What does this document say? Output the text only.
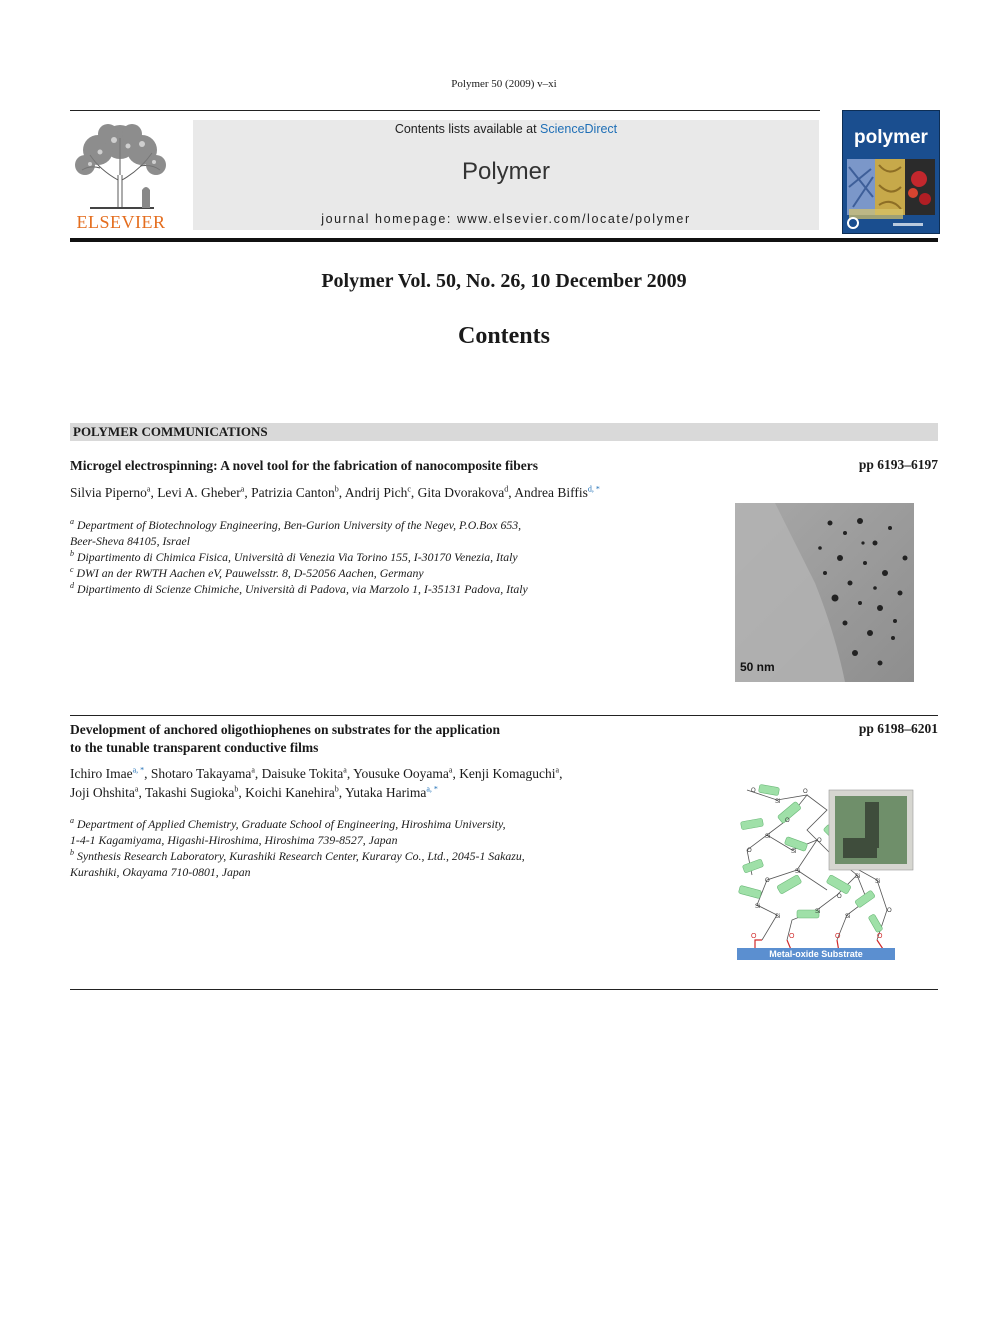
Polymer 50 (2009) v–xi
ELSEVIER
Contents lists available at ScienceDirect
Polymer
journal homepage: www.elsevier.com/locate/polymer
polymer
Polymer Vol. 50, No. 26, 10 December 2009
Contents
POLYMER COMMUNICATIONS
Microgel electrospinning: A novel tool for the fabrication of nanocomposite fibers	pp 6193–6197
Silvia Piperno$^a$, Levi A. Gheber$^a$, Patrizia Canton$^b$, Andrij Pich$^c$, Gita Dvorakova$^d$, Andrea Biffis$^{d, *}$
$^a$ Department of Biotechnology Engineering, Ben-Gurion University of the Negev, P.O.Box 653,
Beer-Sheva 84105, Israel
$^b$ Dipartimento di Chimica Fisica, Università di Venezia Via Torino 155, I-30170 Venezia, Italy
$^c$ DWI an der RWTH Aachen eV, Pauwelsstr. 8, D-52056 Aachen, Germany
$^d$ Dipartimento di Scienze Chimiche, Università di Padova, via Marzolo 1, I-35131 Padova, Italy
50 nm
Development of anchored oligothiophenes on substrates for the application
to the tunable transparent conductive films
pp 6198–6201
Ichiro Imae$^{a, *}$, Shotaro Takayama$^a$, Daisuke Tokita$^a$, Yousuke Ooyama$^a$, Kenji Komaguchi$^a$,
Joji Ohshita$^a$, Takashi Sugioka$^b$, Koichi Kanehira$^b$, Yutaka Harima$^{a, *}$
$^a$ Department of Applied Chemistry, Graduate School of Engineering, Hiroshima University,
1-4-1 Kagamiyama, Higashi-Hiroshima, Hiroshima 739-8527, Japan
$^b$ Synthesis Research Laboratory, Kurashiki Research Center, Kuraray Co., Ltd., 2045-1 Sakazu,
Kurashiki, Okayama 710-0801, Japan
Si
Si
Si
Si
Si
Si
Si
Si
Si
Si
O	O
O
O
O
O
O
O
O	O	O	O
Metal-oxide Substrate
